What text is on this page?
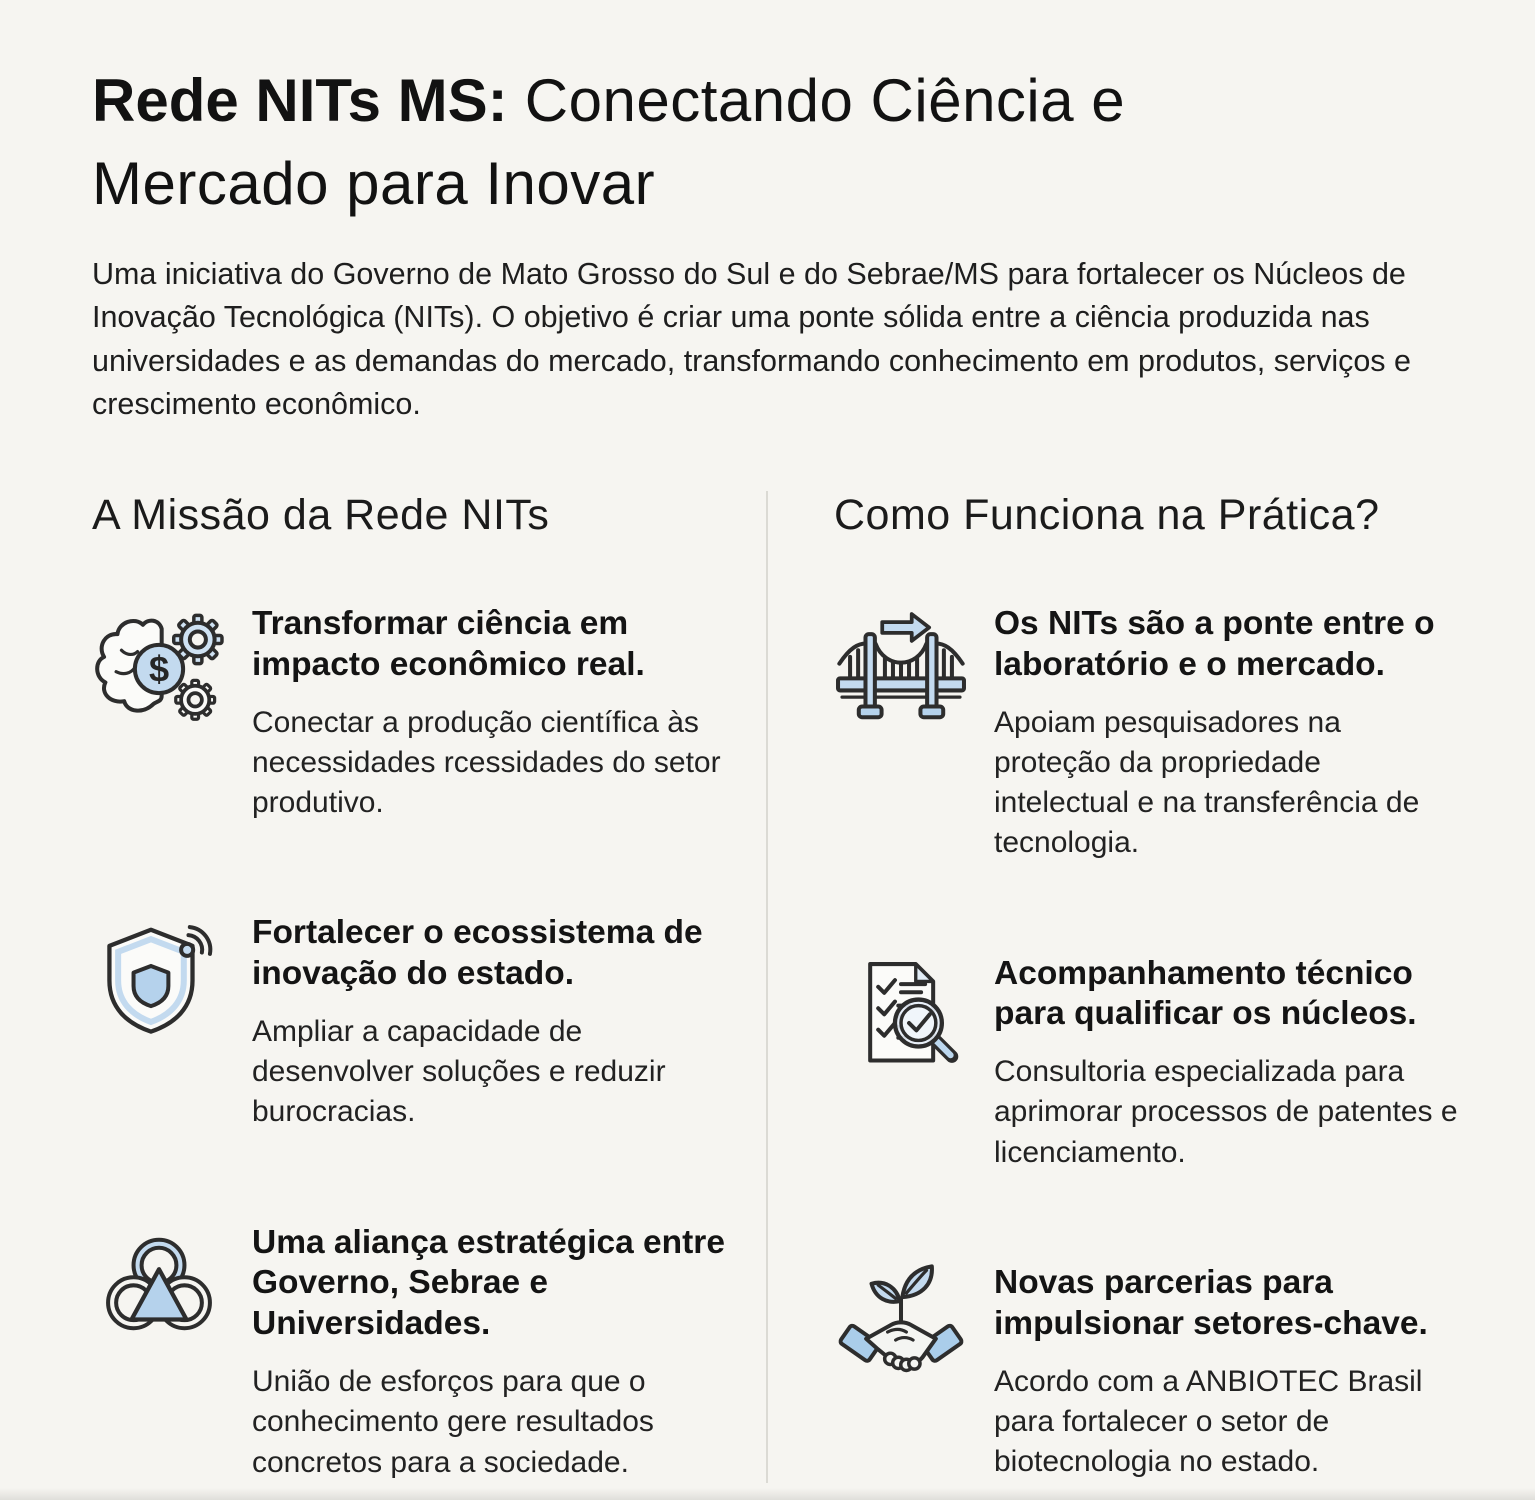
Rede NITs MS: Conectando Ciência e Mercado para Inovar

Uma iniciativa do Governo de Mato Grosso do Sul e do Sebrae/MS para fortalecer os Núcleos de Inovação Tecnológica (NITs). O objetivo é criar uma ponte sólida entre a ciência produzida nas universidades e as demandas do mercado, transformando conhecimento em produtos, serviços e crescimento econômico.

A Missão da Rede NITs
$
Transformar ciência em impacto econômico real.
Conectar a produção científica às necessidades rcessidades do setor produtivo.
Fortalecer o ecossistema de inovação do estado.
Ampliar a capacidade de desenvolver soluções e reduzir burocracias.
Uma aliança estratégica entre Governo, Sebrae e Universidades.
União de esforços para que o conhecimento gere resultados concretos para a sociedade.
Como Funciona na Prática?
Os NITs são a ponte entre o laboratório e o mercado.
Apoiam pesquisadores na proteção da propriedade intelectual e na transferência de tecnologia.
Acompanhamento técnico para qualificar os núcleos.
Consultoria especializada para aprimorar processos de patentes e licenciamento.
Novas parcerias para impulsionar setores-chave.
Acordo com a ANBIOTEC Brasil para fortalecer o setor de biotecnologia no estado.
